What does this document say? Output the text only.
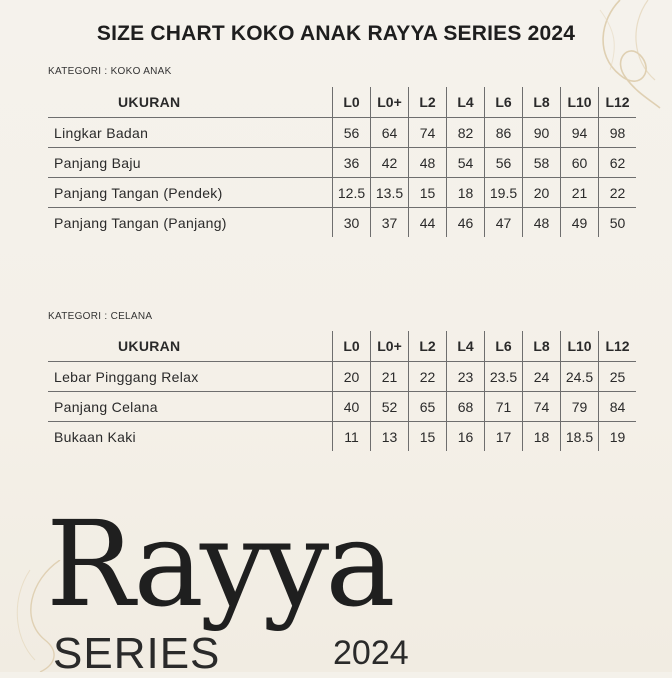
SIZE CHART KOKO ANAK RAYYA SERIES 2024
KATEGORI : KOKO ANAK
UKURAN	L0	L0+	L2	L4	L6	L8	L10	L12
Lingkar Badan	56	64	74	82	86	90	94	98
Panjang Baju	36	42	48	54	56	58	60	62
Panjang Tangan (Pendek)	12.5	13.5	15	18	19.5	20	21	22
Panjang Tangan (Panjang)	30	37	44	46	47	48	49	50
KATEGORI : CELANA
UKURAN	L0	L0+	L2	L4	L6	L8	L10	L12
Lebar Pinggang Relax	20	21	22	23	23.5	24	24.5	25
Panjang Celana	40	52	65	68	71	74	79	84
Bukaan Kaki	11	13	15	16	17	18	18.5	19
Rayya
SERIES	2024
